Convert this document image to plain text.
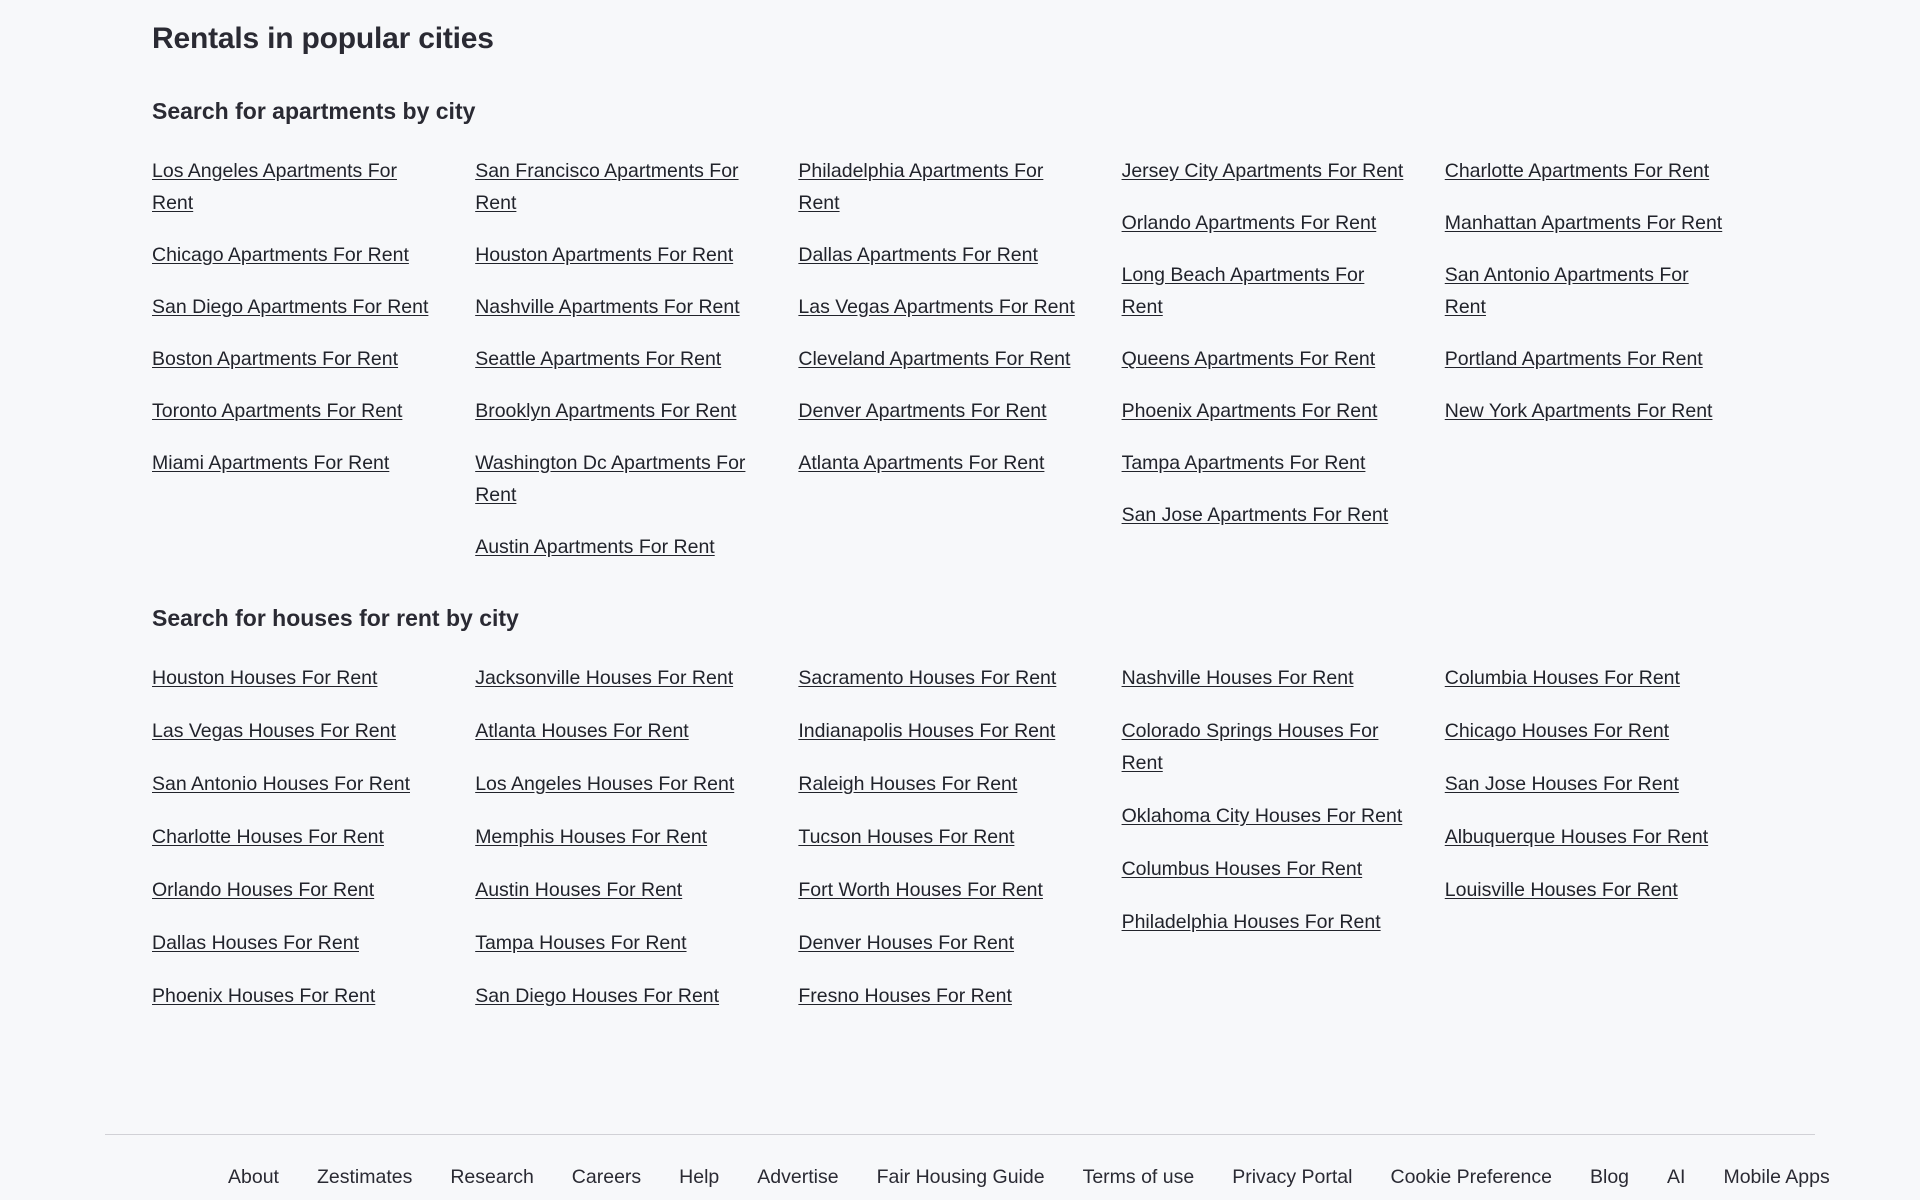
Rentals in popular cities
Search for apartments by city
Los Angeles Apartments For Rent
Chicago Apartments For Rent
San Diego Apartments For Rent
Boston Apartments For Rent
Toronto Apartments For Rent
Miami Apartments For Rent
San Francisco Apartments For Rent
Houston Apartments For Rent
Nashville Apartments For Rent
Seattle Apartments For Rent
Brooklyn Apartments For Rent
Washington Dc Apartments For Rent
Austin Apartments For Rent
Philadelphia Apartments For Rent
Dallas Apartments For Rent
Las Vegas Apartments For Rent
Cleveland Apartments For Rent
Denver Apartments For Rent
Atlanta Apartments For Rent
Jersey City Apartments For Rent
Orlando Apartments For Rent
Long Beach Apartments For Rent
Queens Apartments For Rent
Phoenix Apartments For Rent
Tampa Apartments For Rent
San Jose Apartments For Rent
Charlotte Apartments For Rent
Manhattan Apartments For Rent
San Antonio Apartments For Rent
Portland Apartments For Rent
New York Apartments For Rent
Search for houses for rent by city
Houston Houses For Rent
Las Vegas Houses For Rent
San Antonio Houses For Rent
Charlotte Houses For Rent
Orlando Houses For Rent
Dallas Houses For Rent
Phoenix Houses For Rent
Jacksonville Houses For Rent
Atlanta Houses For Rent
Los Angeles Houses For Rent
Memphis Houses For Rent
Austin Houses For Rent
Tampa Houses For Rent
San Diego Houses For Rent
Sacramento Houses For Rent
Indianapolis Houses For Rent
Raleigh Houses For Rent
Tucson Houses For Rent
Fort Worth Houses For Rent
Denver Houses For Rent
Fresno Houses For Rent
Nashville Houses For Rent
Colorado Springs Houses For Rent
Oklahoma City Houses For Rent
Columbus Houses For Rent
Philadelphia Houses For Rent
Columbia Houses For Rent
Chicago Houses For Rent
San Jose Houses For Rent
Albuquerque Houses For Rent
Louisville Houses For Rent
About Zestimates Research Careers Help Advertise Fair Housing Guide Terms of use Privacy Portal Cookie Preference Blog AI Mobile Apps
